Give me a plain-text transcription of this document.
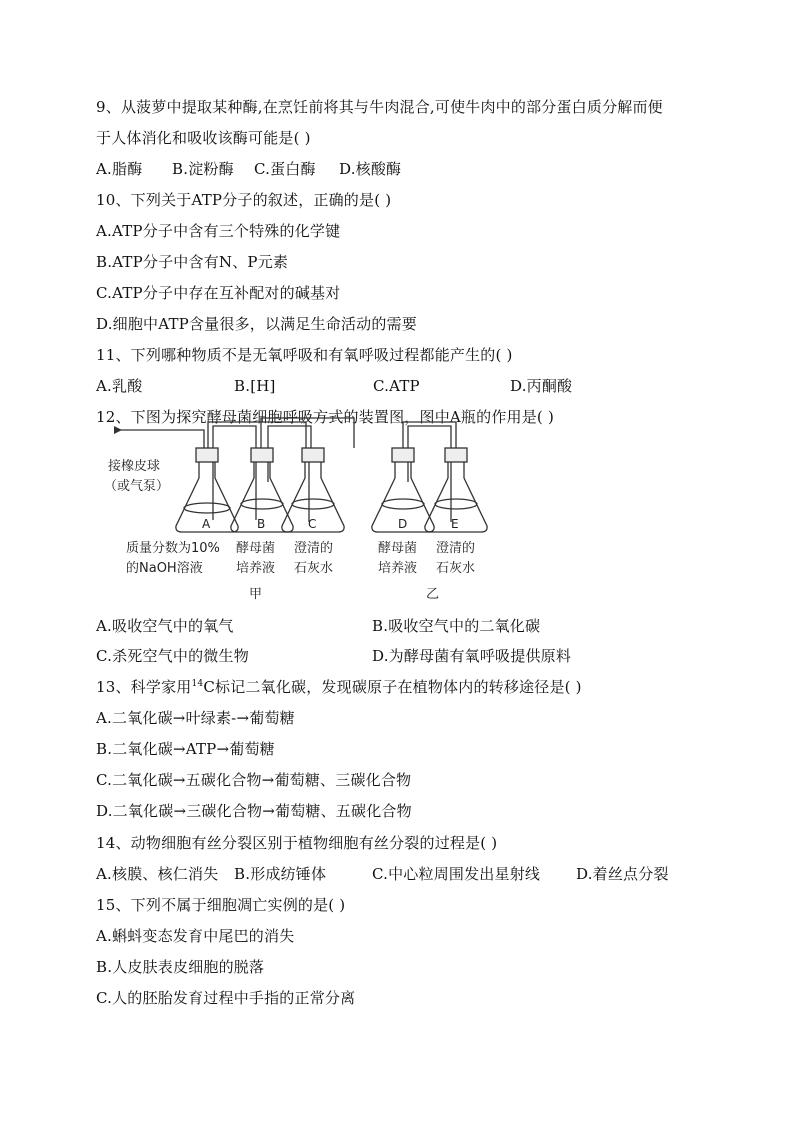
9、从菠萝中提取某种酶,在烹饪前将其与牛肉混合,可使牛肉中的部分蛋白质分解而便
于人体消化和吸收该酶可能是( )
A.脂酶 B.淀粉酶 C.蛋白酶 D.核酸酶
10、下列关于ATP分子的叙述，正确的是( )
A.ATP分子中含有三个特殊的化学键
B.ATP分子中含有N、P元素
C.ATP分子中存在互补配对的碱基对
D.细胞中ATP含量很多，以满足生命活动的需要
11、下列哪种物质不是无氧呼吸和有氧呼吸过程都能产生的( )
A.乳酸	B.[H]	C.ATP	D.丙酮酸
12、下图为探究酵母菌细胞呼吸方式的装置图，图中A瓶的作用是( )
A	B	C	D	E
接橡皮球
（或气泵）
质量分数为10%
的NaOH溶液
酵母菌
培养液
澄清的
石灰水
酵母菌
培养液
澄清的
石灰水
甲	乙
A.吸收空气中的氧气	B.吸收空气中的二氧化碳
C.杀死空气中的微生物	D.为酵母菌有氧呼吸提供原料
13、科学家用$^{14}$C标记二氧化碳，发现碳原子在植物体内的转移途径是( )
A.二氧化碳→叶绿素-→葡萄糖
B.二氧化碳→ATP→葡萄糖
C.二氧化碳→五碳化合物→葡萄糖、三碳化合物
D.二氧化碳→三碳化合物→葡萄糖、五碳化合物
14、动物细胞有丝分裂区别于植物细胞有丝分裂的过程是( )
A.核膜、核仁消失 B.形成纺锤体	C.中心粒周围发出星射线 D.着丝点分裂
15、下列不属于细胞凋亡实例的是( )
A.蝌蚪变态发育中尾巴的消失
B.人皮肤表皮细胞的脱落
C.人的胚胎发育过程中手指的正常分离
